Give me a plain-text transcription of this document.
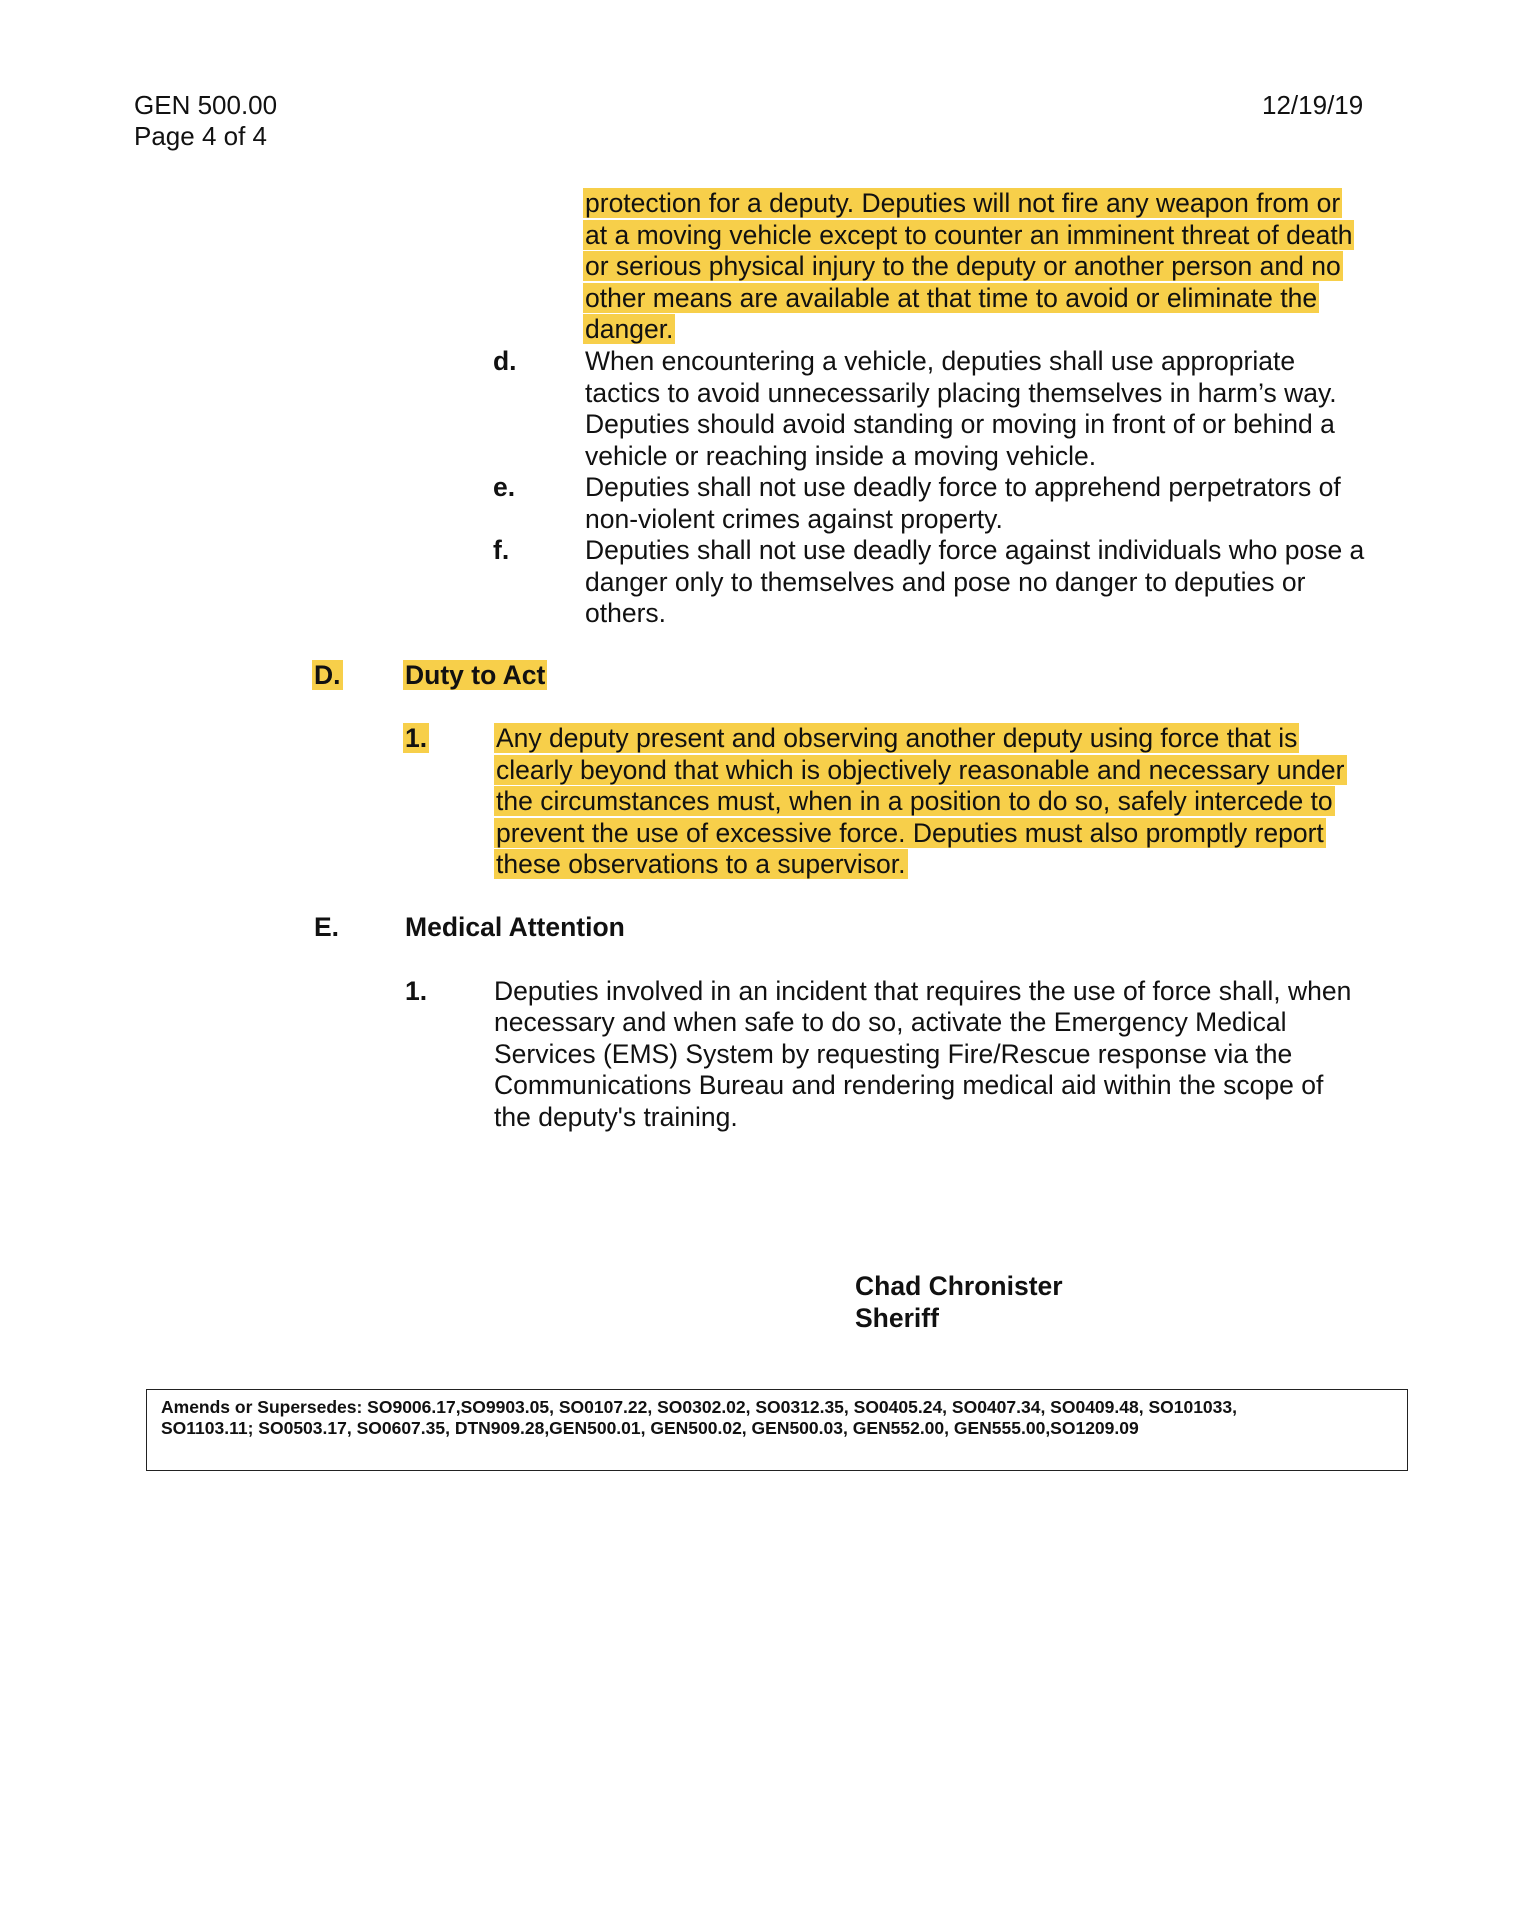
GEN 500.00
Page 4 of 4
12/19/19
protection for a deputy. Deputies will not fire any weapon from or
at a moving vehicle except to counter an imminent threat of death
or serious physical injury to the deputy or another person and no
other means are available at that time to avoid or eliminate the
danger.
d.	When encountering a vehicle, deputies shall use appropriate
tactics to avoid unnecessarily placing themselves in harm’s way.
Deputies should avoid standing or moving in front of or behind a
vehicle or reaching inside a moving vehicle.
e.	Deputies shall not use deadly force to apprehend perpetrators of
non-violent crimes against property.
f.	Deputies shall not use deadly force against individuals who pose a
danger only to themselves and pose no danger to deputies or
others.
D. Duty to Act
1.	Any deputy present and observing another deputy using force that is
clearly beyond that which is objectively reasonable and necessary under
the circumstances must, when in a position to do so, safely intercede to
prevent the use of excessive force. Deputies must also promptly report
these observations to a supervisor.
E. Medical Attention
1.	Deputies involved in an incident that requires the use of force shall, when
necessary and when safe to do so, activate the Emergency Medical
Services (EMS) System by requesting Fire/Rescue response via the
Communications Bureau and rendering medical aid within the scope of
the deputy's training.
Chad Chronister
Sheriff
Amends or Supersedes: SO9006.17,SO9903.05, SO0107.22, SO0302.02, SO0312.35, SO0405.24, SO0407.34, SO0409.48, SO101033,
SO1103.11; SO0503.17, SO0607.35, DTN909.28,GEN500.01, GEN500.02, GEN500.03, GEN552.00, GEN555.00,SO1209.09
